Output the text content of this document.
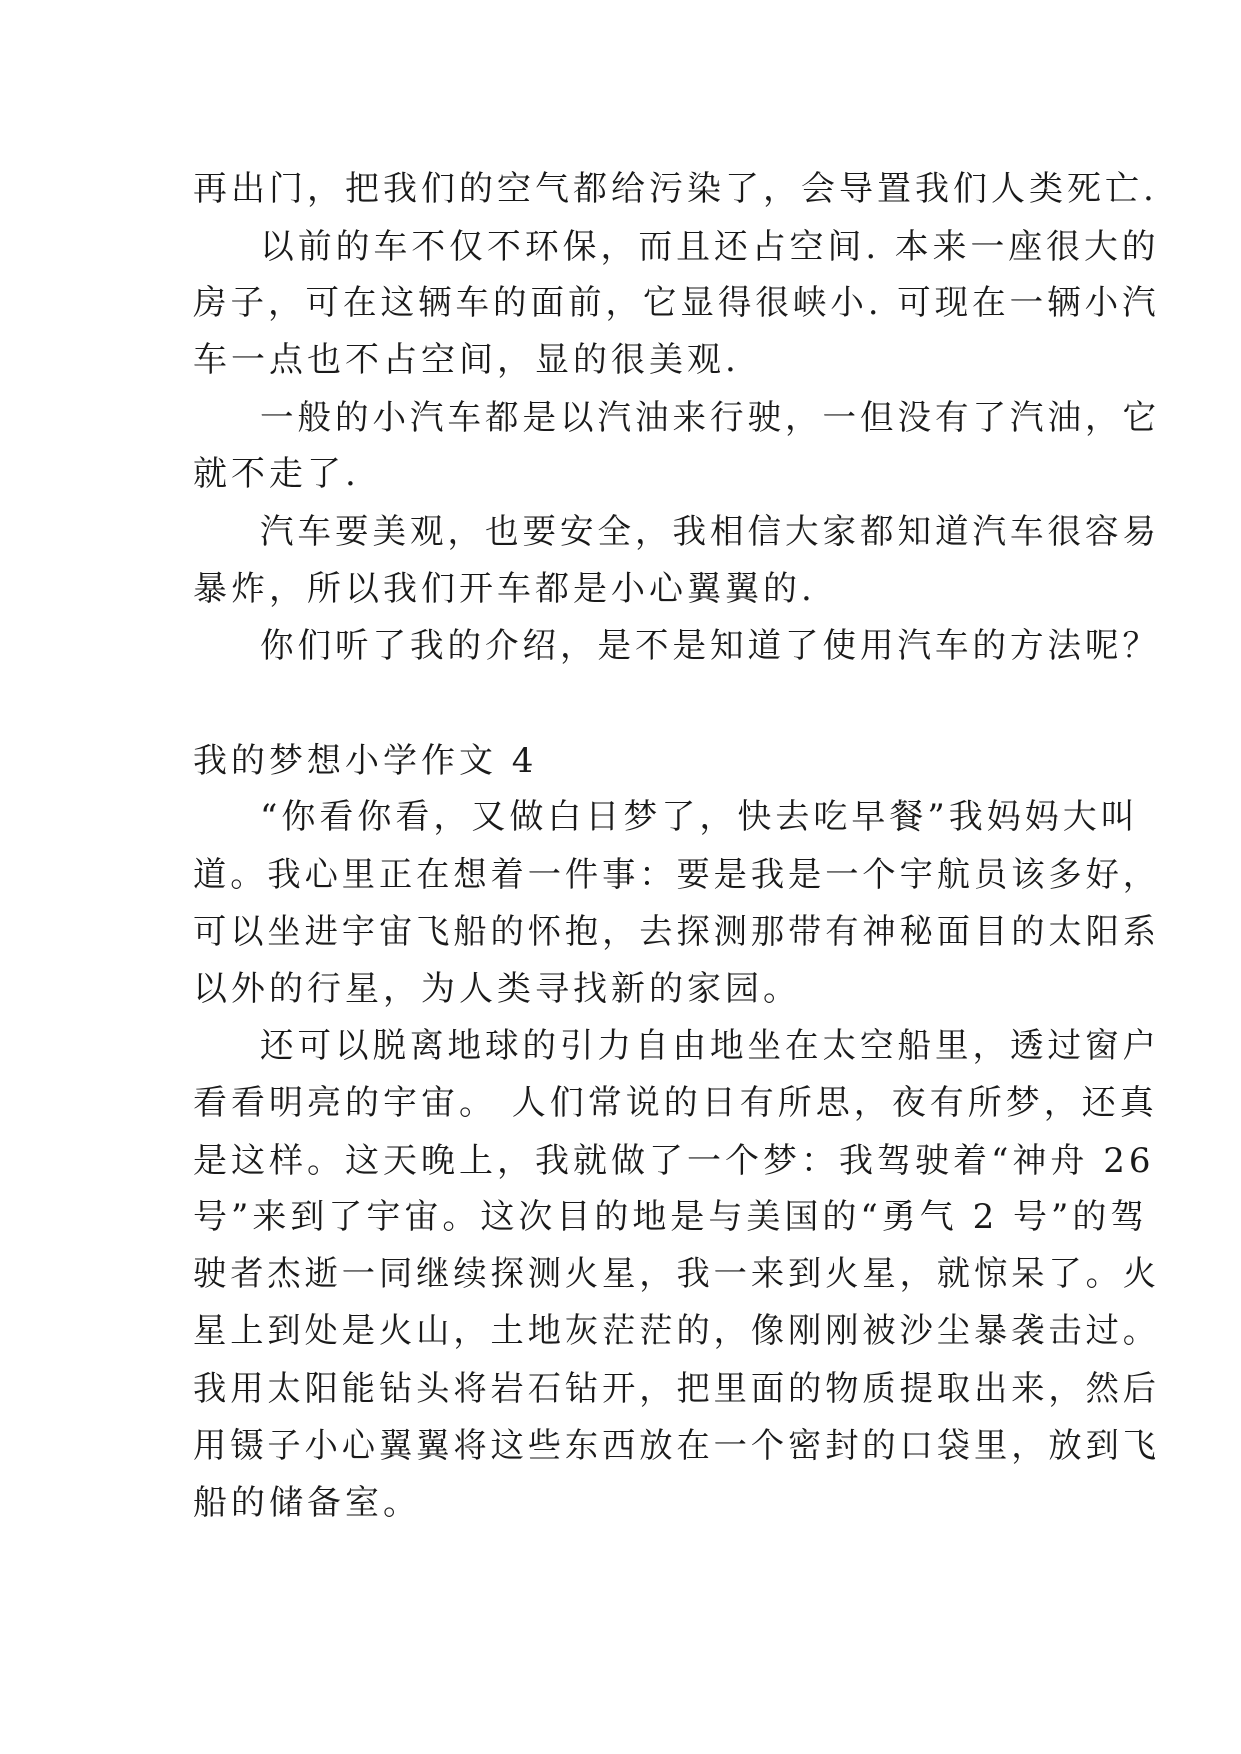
再出门，把我们的空气都给污染了，会导置我们人类死亡.
以前的车不仅不环保，而且还占空间. 本来一座很大的
房子，可在这辆车的面前，它显得很峡小. 可现在一辆小汽
车一点也不占空间，显的很美观.
一般的小汽车都是以汽油来行驶，一但没有了汽油，它
就不走了.
汽车要美观，也要安全，我相信大家都知道汽车很容易
暴炸，所以我们开车都是小心翼翼的.
你们听了我的介绍，是不是知道了使用汽车的方法呢？
我的梦想小学作文 4
“你看你看，又做白日梦了，快去吃早餐”我妈妈大叫
道。我心里正在想着一件事：要是我是一个宇航员该多好，
可以坐进宇宙飞船的怀抱，去探测那带有神秘面目的太阳系
以外的行星，为人类寻找新的家园。
还可以脱离地球的引力自由地坐在太空船里，透过窗户
看看明亮的宇宙。 人们常说的日有所思，夜有所梦，还真
是这样。这天晚上，我就做了一个梦：我驾驶着“神舟 26
号”来到了宇宙。这次目的地是与美国的“勇气 2 号”的驾
驶者杰逝一同继续探测火星，我一来到火星，就惊呆了。火
星上到处是火山，土地灰茫茫的，像刚刚被沙尘暴袭击过。
我用太阳能钻头将岩石钻开，把里面的物质提取出来，然后
用镊子小心翼翼将这些东西放在一个密封的口袋里，放到飞
船的储备室。
